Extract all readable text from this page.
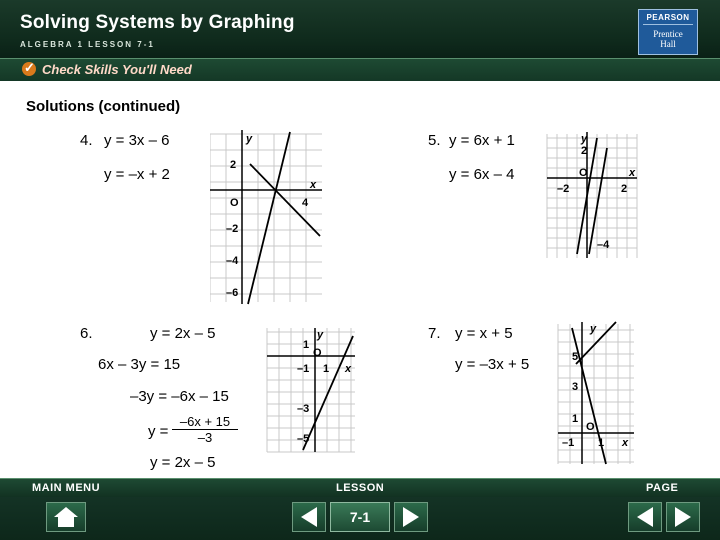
Solving Systems by Graphing
ALGEBRA 1 LESSON 7-1
PEARSON
Prentice
Hall
✓
Check Skills You'll Need
Solutions (continued)
4. y = 3x – 6
y = –x + 2
5. y = 6x + 1
y = 6x – 4
6.	y = 2x – 5
6x – 3y = 15
–3y = –6x – 15
$y = \frac{-6x + 15}{-3}$
y = 2x – 5
7. y = x + 5
y = –3x + 5
y
x
2
O	4
–2
–4
–6
y
2
O	x
–2	2
–4
y
1
O
–1 1 x
–3
–5
y
5
3
1
O
–1 1 x
MAIN MENU	LESSON	PAGE
7-1
